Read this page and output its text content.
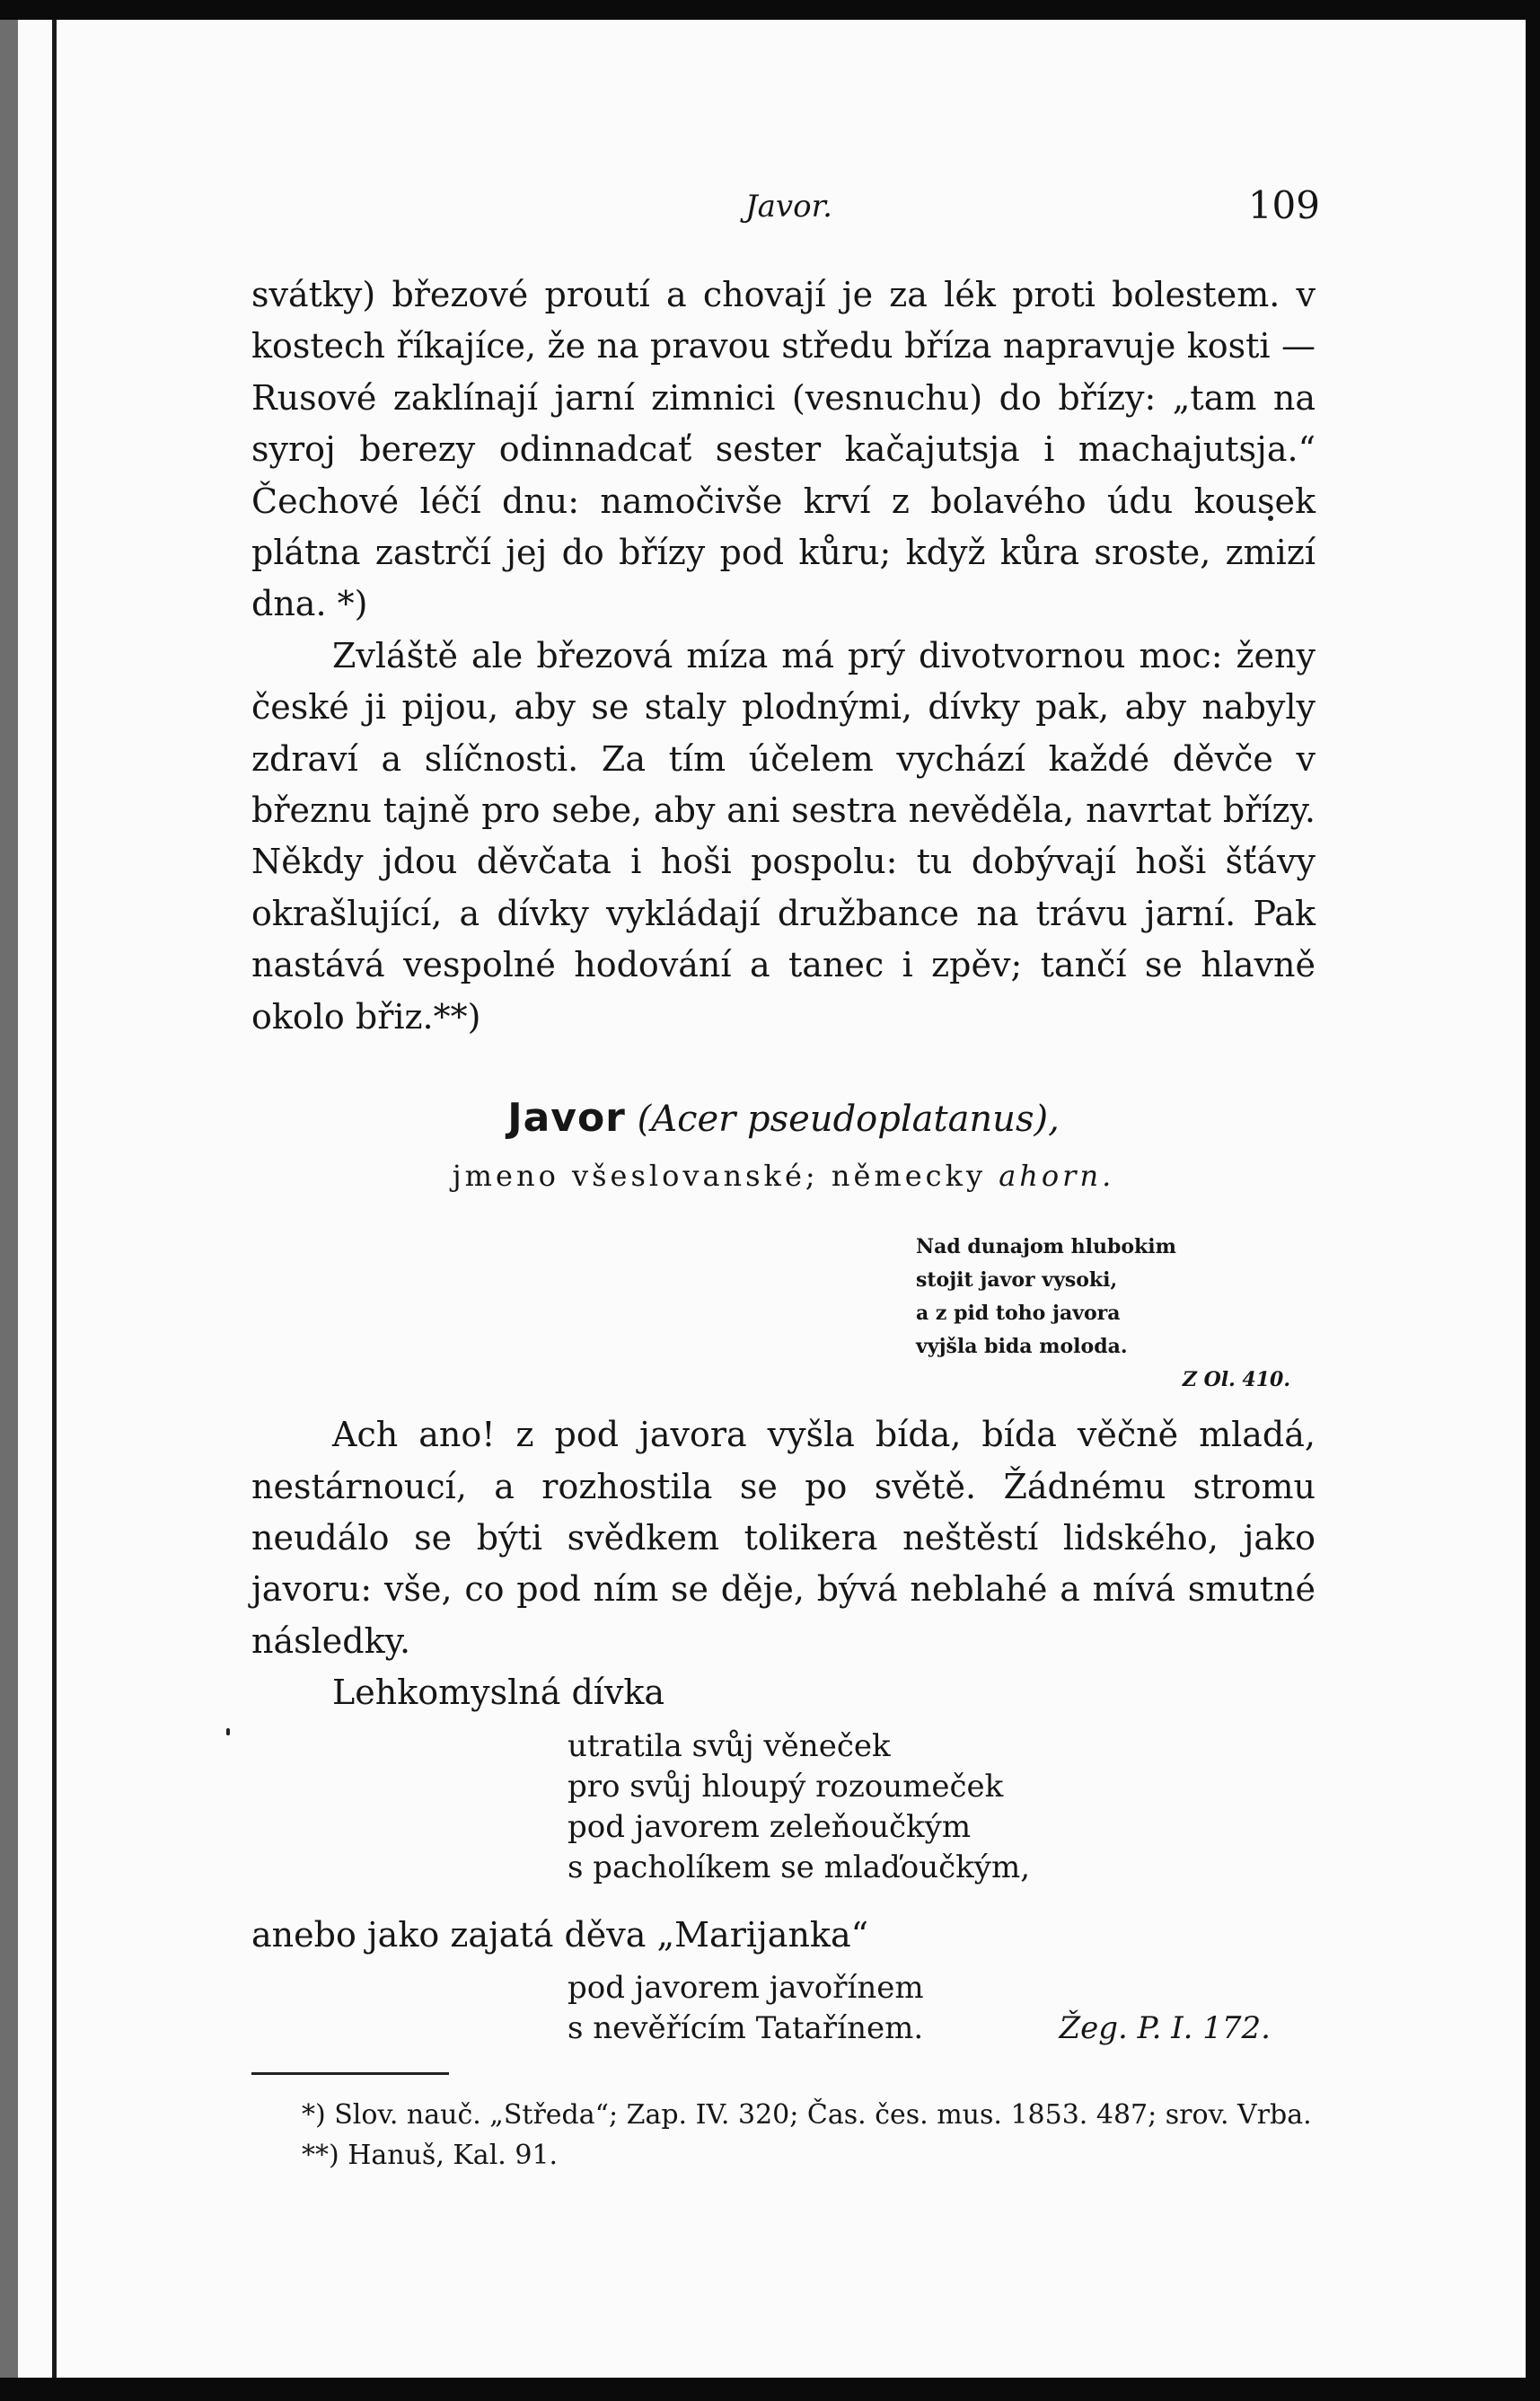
Javor.	109

svátky) březové proutí a chovají je za lék proti bolestem. v kostech říkajíce, že na pravou středu bříza napravuje kosti — Rusové zaklínají jarní zimnici (vesnuchu) do břízy: „tam na syroj berezy odinnadcať sester kačajutsja i machajutsja.“ Čechové léčí dnu: namočivše krví z bolavého údu kousek plátna zastrčí jej do břízy pod kůru; když kůra sroste, zmizí dna. *)

Zvláště ale březová míza má prý divotvornou moc: ženy české ji pijou, aby se staly plodnými, dívky pak, aby nabyly zdraví a slíčnosti. Za tím účelem vychází každé děvče v březnu tajně pro sebe, aby ani sestra nevěděla, navrtat břízy. Někdy jdou děvčata i hoši pospolu: tu dobývají hoši šťávy okrašlující, a dívky vykládají družbance na trávu jarní. Pak nastává vespolné hodování a tanec i zpěv; tančí se hlavně okolo břiz.**)

Javor (Acer pseudoplatanus),
jmeno všeslovanské; německy ahorn.
Nad dunajom hlubokim
stojit javor vysoki,
a z pid toho javora
vyjšla bida moloda.
Z Ol. 410.

Ach ano! z pod javora vyšla bída, bída věčně mladá, nestárnoucí, a rozhostila se po světě. Žádnému stromu neudálo se býti svědkem tolikera neštěstí lidského, jako javoru: vše, co pod ním se děje, bývá neblahé a mívá smutné následky.

Lehkomyslná dívka

utratila svůj věneček
pro svůj hloupý rozoumeček
pod javorem zeleňoučkým
s pacholíkem se mlaďoučkým,

anebo jako zajatá děva „Marijanka“

pod javorem javořínem
s nevěřícím Tatařínem.	Žeg. P. I. 172.
*) Slov. nauč. „Středa“; Zap. IV. 320; Čas. čes. mus. 1853. 487; srov. Vrba.
**) Hanuš, Kal. 91.
